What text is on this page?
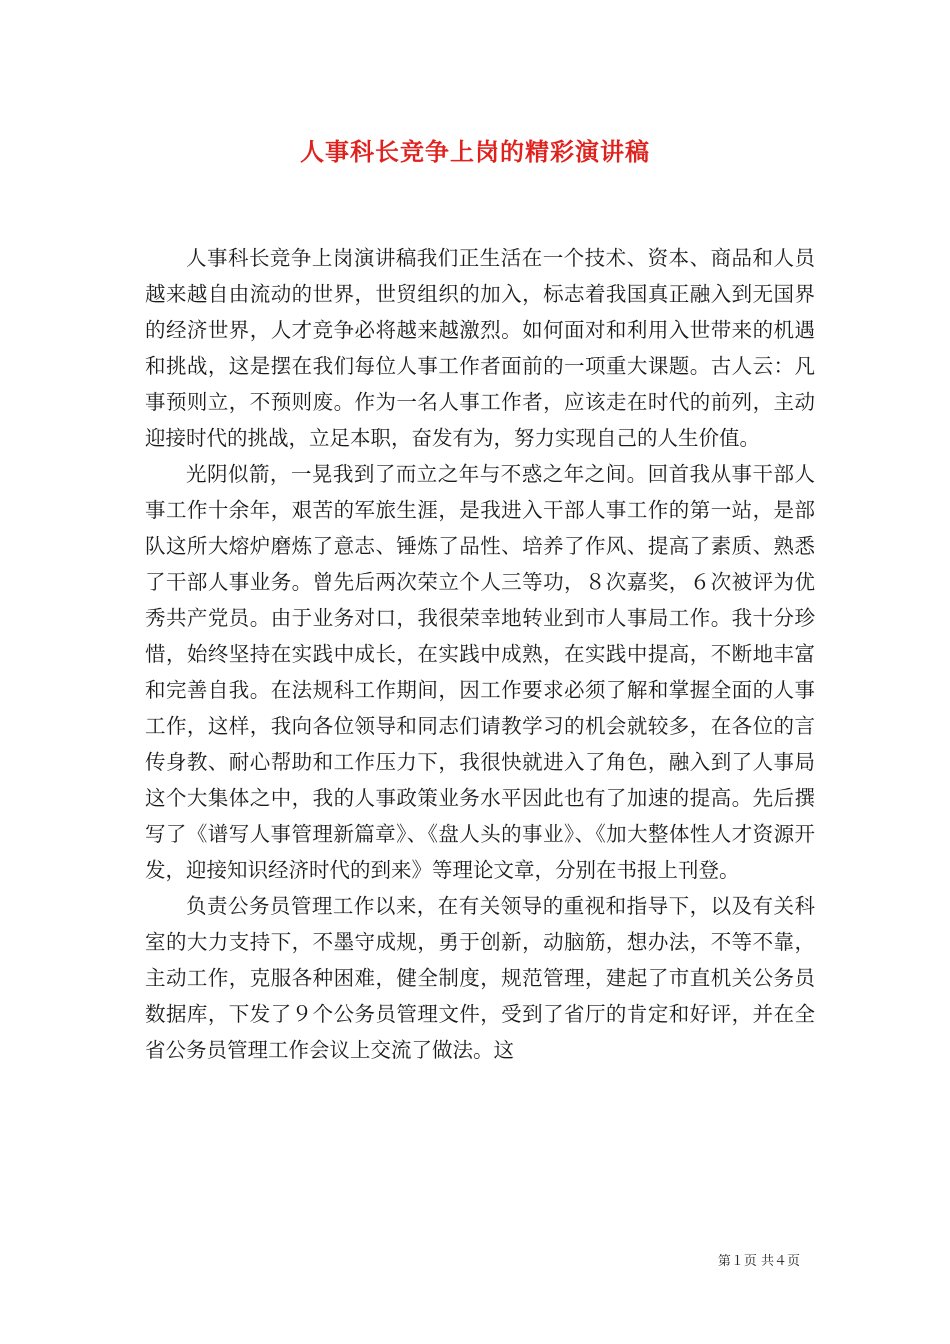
人事科长竞争上岗的精彩演讲稿

人事科长竞争上岗演讲稿我们正生活在一个技术、资本、商品和人员越来越自由流动的世界，世贸组织的加入，标志着我国真正融入到无国界的经济世界，人才竞争必将越来越激烈。如何面对和利用入世带来的机遇和挑战，这是摆在我们每位人事工作者面前的一项重大课题。古人云：凡事预则立，不预则废。作为一名人事工作者，应该走在时代的前列，主动迎接时代的挑战，立足本职，奋发有为，努力实现自己的人生价值。

光阴似箭，一晃我到了而立之年与不惑之年之间。回首我从事干部人事工作十余年，艰苦的军旅生涯，是我进入干部人事工作的第一站，是部队这所大熔炉磨炼了意志、锤炼了品性、培养了作风、提高了素质、熟悉了干部人事业务。曾先后两次荣立个人三等功，８次嘉奖，６次被评为优秀共产党员。由于业务对口，我很荣幸地转业到市人事局工作。我十分珍惜，始终坚持在实践中成长，在实践中成熟，在实践中提高，不断地丰富和完善自我。在法规科工作期间，因工作要求必须了解和掌握全面的人事工作，这样，我向各位领导和同志们请教学习的机会就较多，在各位的言传身教、耐心帮助和工作压力下，我很快就进入了角色，融入到了人事局这个大集体之中，我的人事政策业务水平因此也有了加速的提高。先后撰写了《谱写人事管理新篇章》、《盘人头的事业》、《加大整体性人才资源开发，迎接知识经济时代的到来》等理论文章，分别在书报上刊登。

负责公务员管理工作以来，在有关领导的重视和指导下，以及有关科室的大力支持下，不墨守成规，勇于创新，动脑筋，想办法，不等不靠，主动工作，克服各种困难，健全制度，规范管理，建起了市直机关公务员数据库，下发了９个公务员管理文件，受到了省厅的肯定和好评，并在全省公务员管理工作会议上交流了做法。这

第１页 共４页
